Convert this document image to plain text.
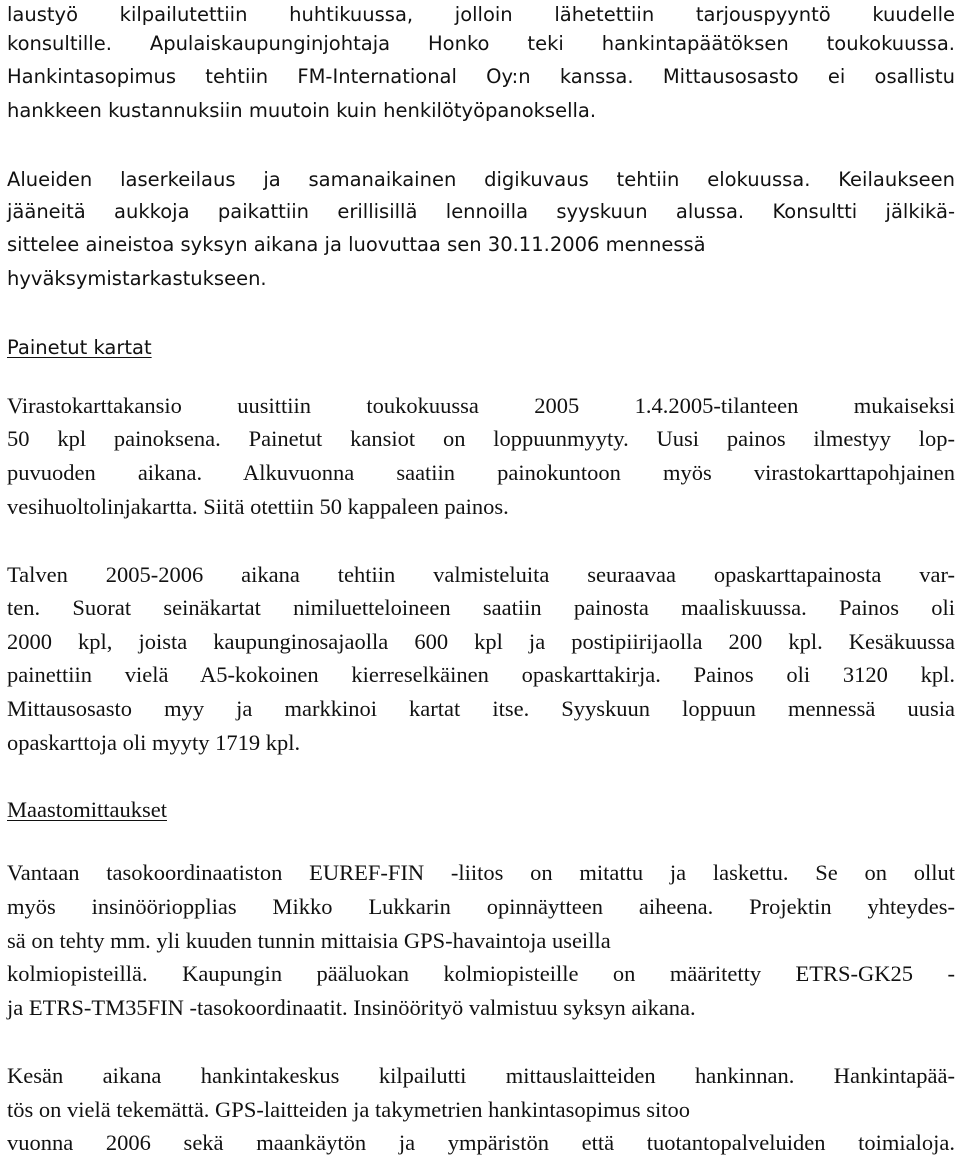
laustyö kilpailutettiin huhtikuussa, jolloin lähetettiin tarjouspyyntö kuudelle
konsultille. Apulaiskaupunginjohtaja Honko teki hankintapäätöksen toukokuussa.
Hankintasopimus tehtiin FM-International Oy:n kanssa. Mittausosasto ei osallistu
hankkeen kustannuksiin muutoin kuin henkilötyöpanoksella.
Alueiden laserkeilaus ja samanaikainen digikuvaus tehtiin elokuussa. Keilaukseen
jääneitä aukkoja paikattiin erillisillä lennoilla syyskuun alussa. Konsultti jälkikä-
sittelee aineistoa syksyn aikana ja luovuttaa sen 30.11.2006 mennessä
hyväksymistarkastukseen.
Painetut kartat
Virastokarttakansio uusittiin toukokuussa 2005 1.4.2005-tilanteen mukaiseksi
50 kpl painoksena. Painetut kansiot on loppuunmyyty. Uusi painos ilmestyy lop-
puvuoden aikana. Alkuvuonna saatiin painokuntoon myös virastokarttapohjainen
vesihuoltolinjakartta. Siitä otettiin 50 kappaleen painos.
Talven 2005-2006 aikana tehtiin valmisteluita seuraavaa opaskarttapainosta var-
ten. Suorat seinäkartat nimiluetteloineen saatiin painosta maaliskuussa. Painos oli
2000 kpl, joista kaupunginosajaolla 600 kpl ja postipiirijaolla 200 kpl. Kesäkuussa
painettiin vielä A5-kokoinen kierreselkäinen opaskarttakirja. Painos oli 3120 kpl.
Mittausosasto myy ja markkinoi kartat itse. Syyskuun loppuun mennessä uusia
opaskarttoja oli myyty 1719 kpl.
Maastomittaukset
Vantaan tasokoordinaatiston EUREF-FIN -liitos on mitattu ja laskettu. Se on ollut
myös insinööriopplias Mikko Lukkarin opinnäytteen aiheena. Projektin yhteydes-
sä on tehty mm. yli kuuden tunnin mittaisia GPS-havaintoja useilla
kolmiopisteillä. Kaupungin pääluokan kolmiopisteille on määritetty ETRS-GK25 -
ja ETRS-TM35FIN -tasokoordinaatit. Insinöörityö valmistuu syksyn aikana.
Kesän aikana hankintakeskus kilpailutti mittauslaitteiden hankinnan. Hankintapää-
tös on vielä tekemättä. GPS-laitteiden ja takymetrien hankintasopimus sitoo
vuonna 2006 sekä maankäytön ja ympäristön että tuotantopalveluiden toimialoja.
